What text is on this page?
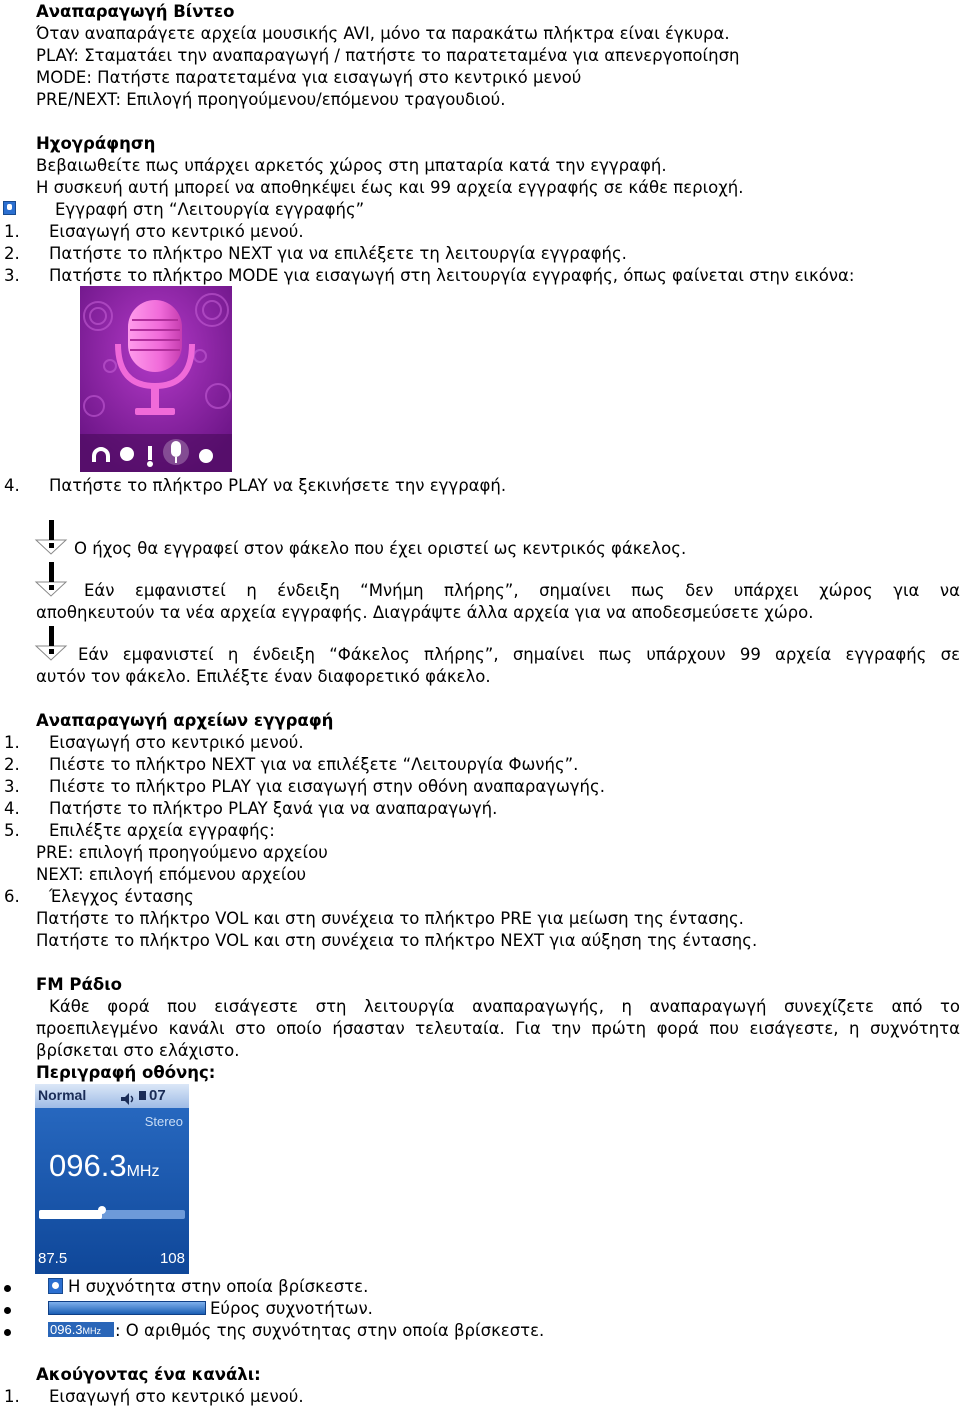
Αναπαραγωγή Βίντεο
Όταν αναπαράγετε αρχεία μουσικής AVI, μόνο τα παρακάτω πλήκτρα είναι έγκυρα.
PLAY: Σταματάει την αναπαραγωγή / πατήστε το παρατεταμένα για απενεργοποίηση
MODE: Πατήστε παρατεταμένα για εισαγωγή στο κεντρικό μενού
PRE/NEXT: Επιλογή προηγούμενου/επόμενου τραγουδιού.
Ηχογράφηση
Βεβαιωθείτε πως υπάρχει αρκετός χώρος στη μπαταρία κατά την εγγραφή.
Η συσκευή αυτή μπορεί να αποθηκέψει έως και 99 αρχεία εγγραφής σε κάθε περιοχή.
Εγγραφή στη “Λειτουργία εγγραφής”
1. Εισαγωγή στο κεντρικό μενού.
2. Πατήστε το πλήκτρο NEXT για να επιλέξετε τη λειτουργία εγγραφής.
3. Πατήστε το πλήκτρο MODE για εισαγωγή στη λειτουργία εγγραφής, όπως φαίνεται στην εικόνα:
4. Πατήστε το πλήκτρο PLAY να ξεκινήσετε την εγγραφή.
Ο ήχος θα εγγραφεί στον φάκελο που έχει οριστεί ως κεντρικός φάκελος.
Εάν εμφανιστεί η ένδειξη “Μνήμη πλήρης”, σημαίνει πως δεν υπάρχει χώρος για να
αποθηκευτούν τα νέα αρχεία εγγραφής. Διαγράψτε άλλα αρχεία για να αποδεσμεύσετε χώρο.
Εάν εμφανιστεί η ένδειξη “Φάκελος πλήρης”, σημαίνει πως υπάρχουν 99 αρχεία εγγραφής σε
αυτόν τον φάκελο. Επιλέξτε έναν διαφορετικό φάκελο.
Αναπαραγωγή αρχείων εγγραφή
1. Εισαγωγή στο κεντρικό μενού.
2. Πιέστε το πλήκτρο NEXT για να επιλέξετε “Λειτουργία Φωνής”.
3. Πιέστε το πλήκτρο PLAY για εισαγωγή στην οθόνη αναπαραγωγής.
4. Πατήστε το πλήκτρο PLAY ξανά για να αναπαραγωγή.
5. Επιλέξτε αρχεία εγγραφής:
PRE: επιλογή προηγούμενο αρχείου
NEXT: επιλογή επόμενου αρχείου
6. Έλεγχος έντασης
Πατήστε το πλήκτρο VOL και στη συνέχεια το πλήκτρο PRE για μείωση της έντασης.
Πατήστε το πλήκτρο VOL και στη συνέχεια το πλήκτρο NEXT για αύξηση της έντασης.
FM Ράδιο
Κάθε φορά που εισάγεστε στη λειτουργία αναπαραγωγής, η αναπαραγωγή συνεχίζετε από το
προεπιλεγμένο κανάλι στο οποίο ήσασταν τελευταία. Για την πρώτη φορά που εισάγεστε, η συχνότητα
βρίσκεται στο ελάχιστο.
Περιγραφή οθόνης:
Normal	07
Stereo
096.3MHz
87.5	108
Η συχνότητα στην οποία βρίσκεστε.
Εύρος συχνοτήτων.
096.3MHz : Ο αριθμός της συχνότητας στην οποία βρίσκεστε.
Ακούγοντας ένα κανάλι:
1. Εισαγωγή στο κεντρικό μενού.
